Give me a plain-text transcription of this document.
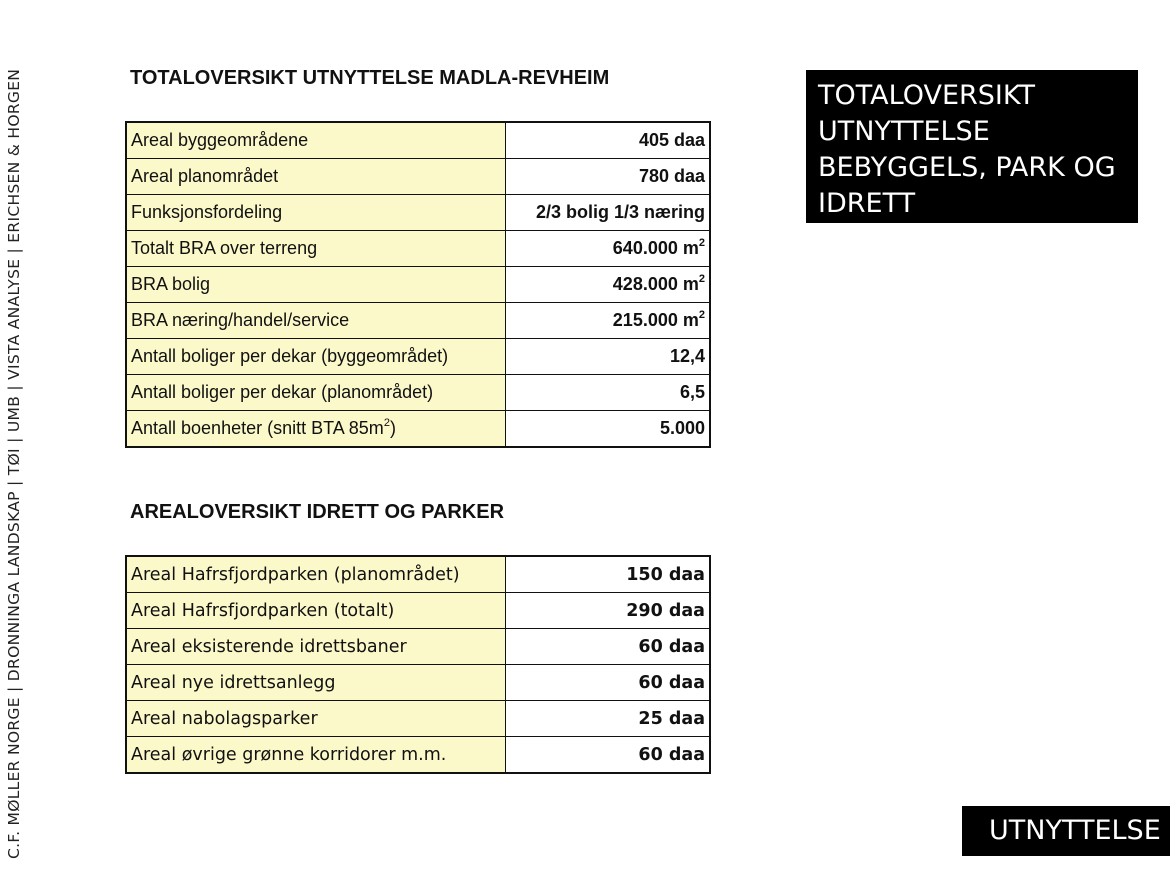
C.F. MØLLER NORGE | DRONNINGA LANDSKAP | TØI | UMB | VISTA ANALYSE | ERICHSEN & HORGEN	TOTALOVERSIKT UTNYTTELSE MADLA-REVHEIM
Areal byggeområdene	405 daa
Areal planområdet	780 daa
Funksjonsfordeling	2/3 bolig 1/3 næring
Totalt BRA over terreng	640.000 $m^2$
BRA bolig	428.000 $m^2$
BRA næring/handel/service	215.000 $m^2$
Antall boliger per dekar (byggeområdet)	12,4
Antall boliger per dekar (planområdet)	6,5
Antall boenheter (snitt BTA $85m^2$)	5.000
AREALOVERSIKT IDRETT OG PARKER
Areal Hafrsfjordparken (planområdet)	150 daa
Areal Hafrsfjordparken (totalt)	290 daa
Areal eksisterende idrettsbaner	60 daa
Areal nye idrettsanlegg	60 daa
Areal nabolagsparker	25 daa
Areal øvrige grønne korridorer m.m.	60 daa
TOTALOVERSIKT
UTNYTTELSE
BEBYGGELS, PARK OG
IDRETT
UTNYTTELSE
